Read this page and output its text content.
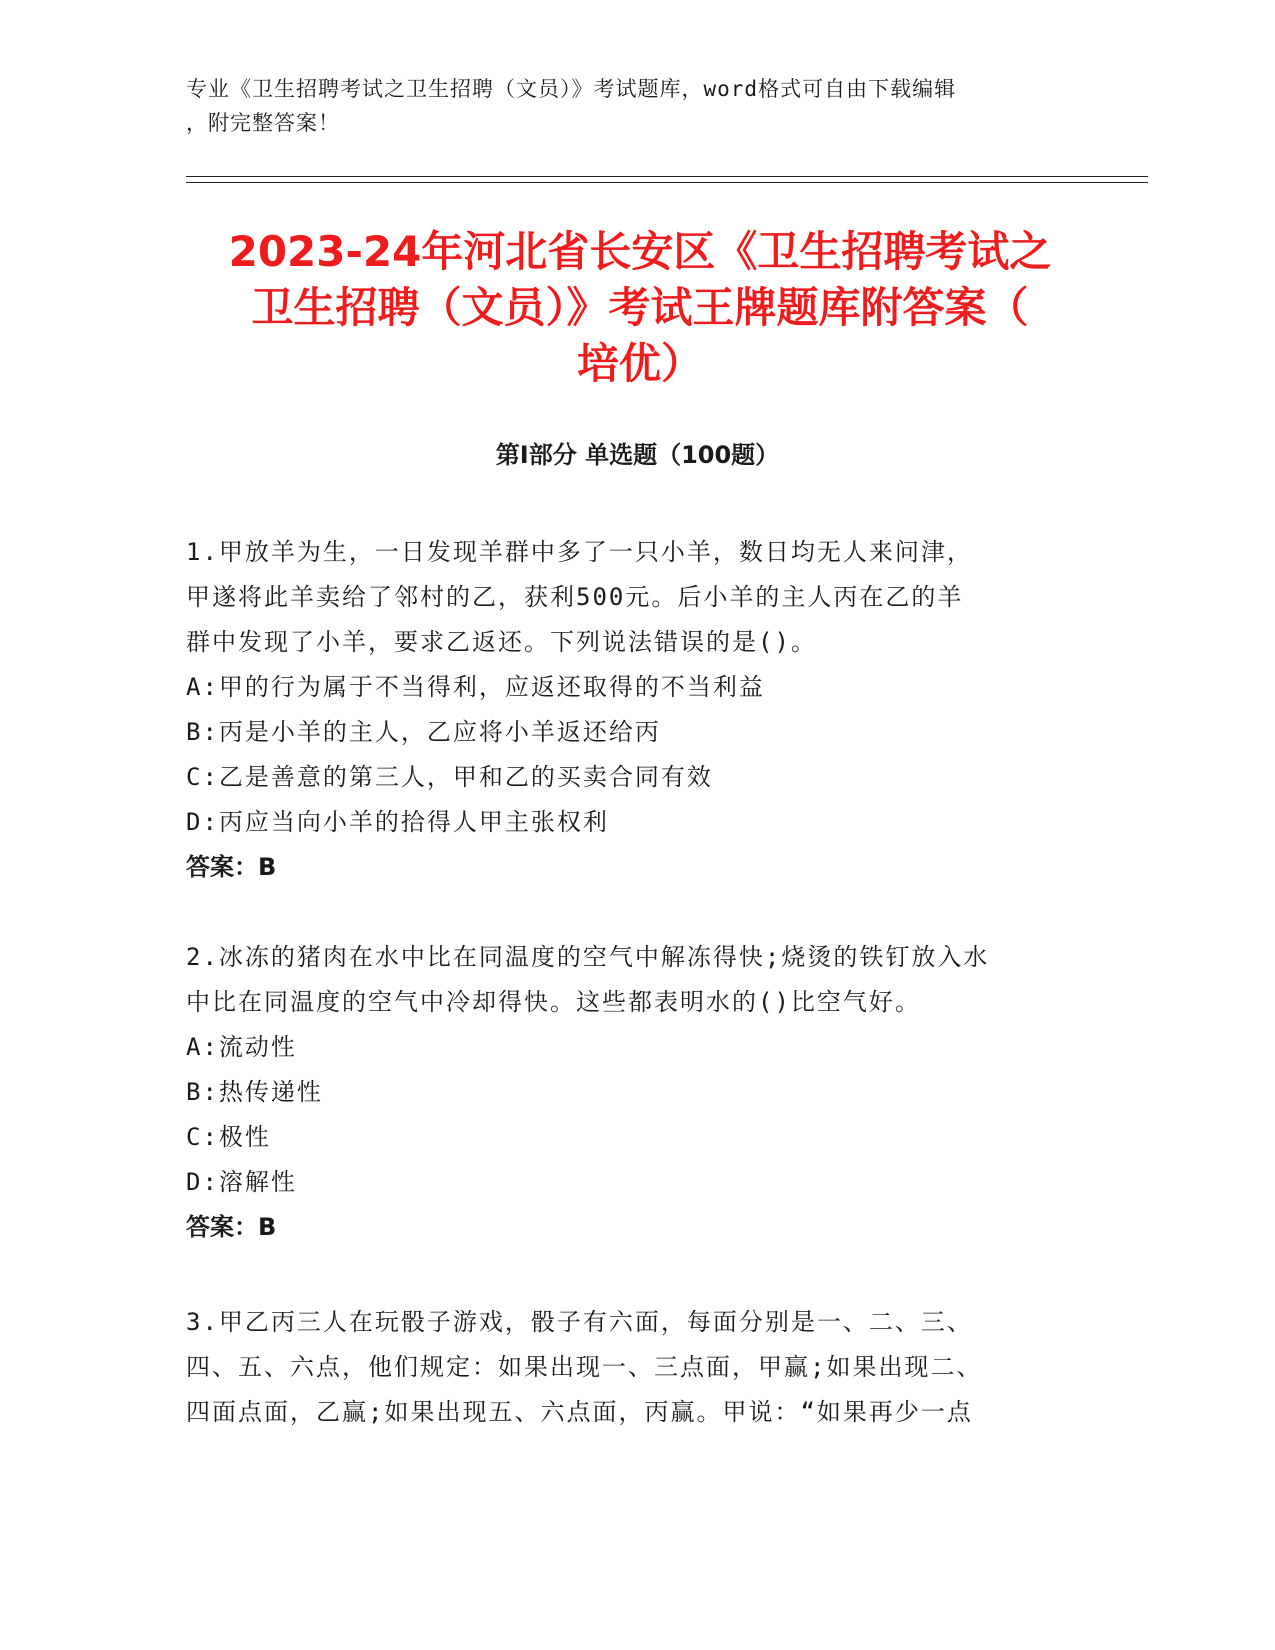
专业《卫生招聘考试之卫生招聘（文员）》考试题库，word格式可自由下载编辑
，附完整答案！
2023-24年河北省长安区《卫生招聘考试之
卫生招聘（文员）》考试王牌题库附答案（
培优）
第Ⅰ部分 单选题（100题）

1.甲放羊为生，一日发现羊群中多了一只小羊，数日均无人来问津，

甲遂将此羊卖给了邻村的乙，获利500元。后小羊的主人丙在乙的羊

群中发现了小羊，要求乙返还。下列说法错误的是()。

A:甲的行为属于不当得利，应返还取得的不当利益

B:丙是小羊的主人，乙应将小羊返还给丙

C:乙是善意的第三人，甲和乙的买卖合同有效

D:丙应当向小羊的拾得人甲主张权利

答案：B

2.冰冻的猪肉在水中比在同温度的空气中解冻得快;烧烫的铁钉放入水

中比在同温度的空气中冷却得快。这些都表明水的()比空气好。

A:流动性

B:热传递性

C:极性

D:溶解性

答案：B

3.甲乙丙三人在玩骰子游戏，骰子有六面，每面分别是一、二、三、

四、五、六点，他们规定：如果出现一、三点面，甲赢;如果出现二、

四面点面，乙赢;如果出现五、六点面，丙赢。甲说：“如果再少一点
